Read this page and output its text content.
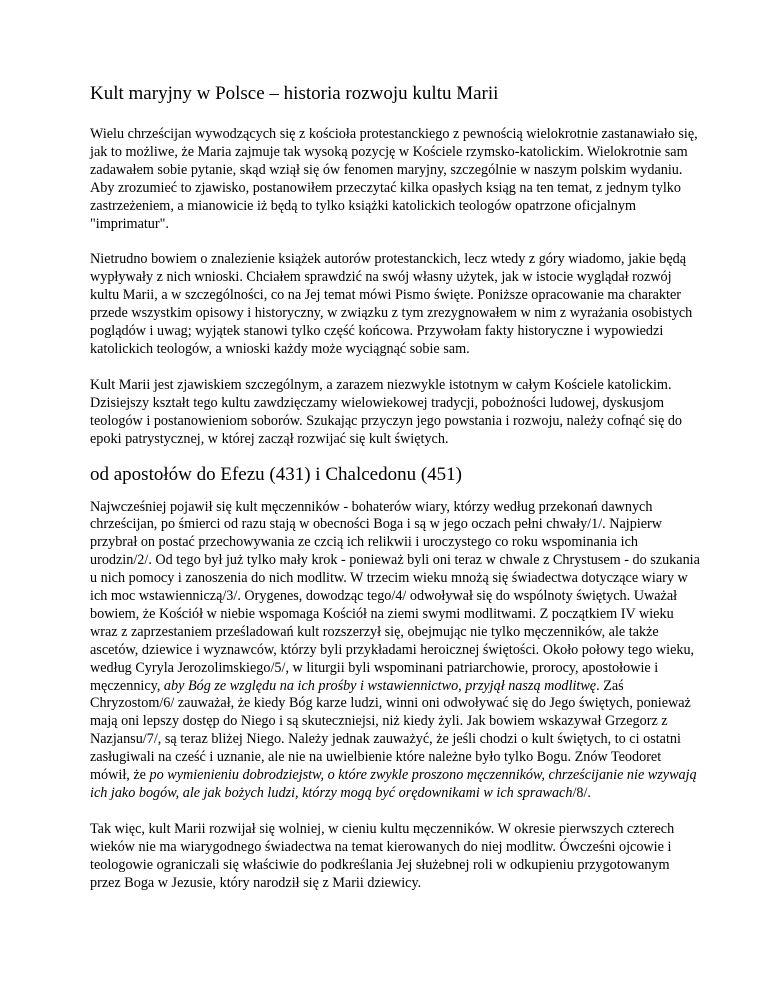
Kult maryjny w Polsce – historia rozwoju kultu Marii

Wielu chrześcijan wywodzących się z kościoła protestanckiego z pewnością wielokrotnie zastanawiało się, jak to możliwe, że Maria zajmuje tak wysoką pozycję w Kościele rzymsko-katolickim. Wielokrotnie sam zadawałem sobie pytanie, skąd wziął się ów fenomen maryjny, szczególnie w naszym polskim wydaniu. Aby zrozumieć to zjawisko, postanowiłem przeczytać kilka opasłych ksiąg na ten temat, z jednym tylko zastrzeżeniem, a mianowicie iż będą to tylko książki katolickich teologów opatrzone oficjalnym "imprimatur".

Nietrudno bowiem o znalezienie książek autorów protestanckich, lecz wtedy z góry wiadomo, jakie będą wypływały z nich wnioski. Chciałem sprawdzić na swój własny użytek, jak w istocie wyglądał rozwój kultu Marii, a w szczególności, co na Jej temat mówi Pismo święte. Poniższe opracowanie ma charakter przede wszystkim opisowy i historyczny, w związku z tym zrezygnowałem w nim z wyrażania osobistych poglądów i uwag; wyjątek stanowi tylko część końcowa. Przywołam fakty historyczne i wypowiedzi katolickich teologów, a wnioski każdy może wyciągnąć sobie sam.

Kult Marii jest zjawiskiem szczególnym, a zarazem niezwykle istotnym w całym Kościele katolickim. Dzisiejszy kształt tego kultu zawdzięczamy wielowiekowej tradycji, pobożności ludowej, dyskusjom teologów i postanowieniom soborów. Szukając przyczyn jego powstania i rozwoju, należy cofnąć się do epoki patrystycznej, w której zaczął rozwijać się kult świętych.

od apostołów do Efezu (431) i Chalcedonu (451)

Najwcześniej pojawił się kult męczenników - bohaterów wiary, którzy według przekonań dawnych chrześcijan, po śmierci od razu stają w obecności Boga i są w jego oczach pełni chwały/1/. Najpierw przybrał on postać przechowywania ze czcią ich relikwii i uroczystego co roku wspominania ich urodzin/2/. Od tego był już tylko mały krok - ponieważ byli oni teraz w chwale z Chrystusem - do szukania u nich pomocy i zanoszenia do nich modlitw. W trzecim wieku mnożą się świadectwa dotyczące wiary w ich moc wstawienniczą/3/. Orygenes, dowodząc tego/4/ odwoływał się do wspólnoty świętych. Uważał bowiem, że Kościół w niebie wspomaga Kościół na ziemi swymi modlitwami. Z początkiem IV wieku wraz z zaprzestaniem prześladowań kult rozszerzył się, obejmując nie tylko męczenników, ale także ascetów, dziewice i wyznawców, którzy byli przykładami heroicznej świętości. Około połowy tego wieku, według Cyryla Jerozolimskiego/5/, w liturgii byli wspominani patriarchowie, prorocy, apostołowie i męczennicy, aby Bóg ze względu na ich prośby i wstawiennictwo, przyjął naszą modlitwę. Zaś Chryzostom/6/ zauważał, że kiedy Bóg karze ludzi, winni oni odwoływać się do Jego świętych, ponieważ mają oni lepszy dostęp do Niego i są skuteczniejsi, niż kiedy żyli. Jak bowiem wskazywał Grzegorz z Nazjansu/7/, są teraz bliżej Niego. Należy jednak zauważyć, że jeśli chodzi o kult świętych, to ci ostatni zasługiwali na cześć i uznanie, ale nie na uwielbienie które należne było tylko Bogu. Znów Teodoret mówił, że po wymienieniu dobrodziejstw, o które zwykle proszono męczenników, chrześcijanie nie wzywają ich jako bogów, ale jak bożych ludzi, którzy mogą być orędownikami w ich sprawach/8/.

Tak więc, kult Marii rozwijał się wolniej, w cieniu kultu męczenników. W okresie pierwszych czterech wieków nie ma wiarygodnego świadectwa na temat kierowanych do niej modlitw. Ówcześni ojcowie i teologowie ograniczali się właściwie do podkreślania Jej służebnej roli w odkupieniu przygotowanym przez Boga w Jezusie, który narodził się z Marii dziewicy.
